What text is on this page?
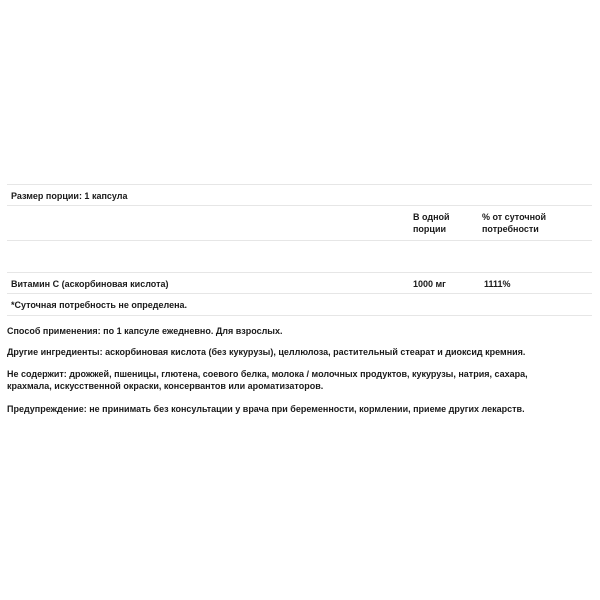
Размер порции: 1 капсула
В одной
порции
% от суточной
потребности
Витамин С (аскорбиновая кислота)	1000 мг	1111%
*Суточная потребность не определена.
Способ применения: по 1 капсуле ежедневно. Для взрослых.
Другие ингредиенты: аскорбиновая кислота (без кукурузы), целлюлоза, растительный стеарат и диоксид кремния.
Не содержит: дрожжей, пшеницы, глютена, соевого белка, молока / молочных продуктов, кукурузы, натрия, сахара,
крахмала, искусственной окраски, консервантов или ароматизаторов.
Предупреждение: не принимать без консультации у врача при беременности, кормлении, приеме других лекарств.
